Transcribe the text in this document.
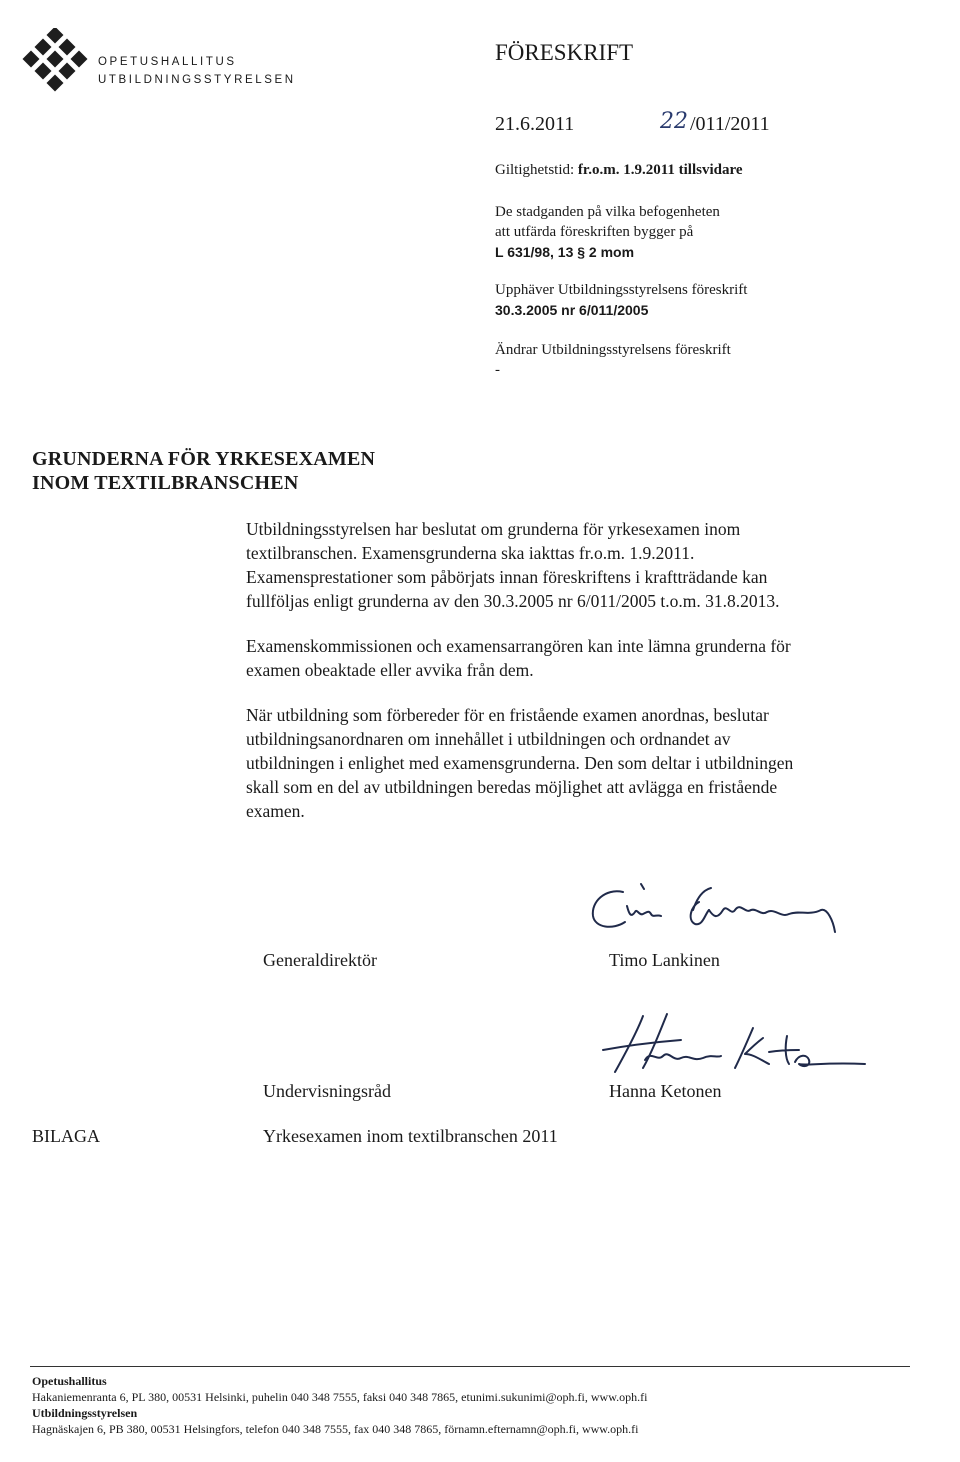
OPETUSHALLITUS
UTBILDNINGSSTYRELSEN
FÖRESKRIFT
21.6.2011	22 /011/2011
Giltighetstid: fr.o.m. 1.9.2011 tillsvidare
De stadganden på vilka befogenheten
att utfärda föreskriften bygger på
L 631/98, 13 § 2 mom
Upphäver Utbildningsstyrelsens föreskrift
30.3.2005 nr 6/011/2005
Ändrar Utbildningsstyrelsens föreskrift
-
GRUNDERNA FÖR YRKESEXAMEN
INOM TEXTILBRANSCHEN
Utbildningsstyrelsen har beslutat om grunderna för yrkesexamen inom
textilbranschen. Examensgrunderna ska iakttas fr.o.m. 1.9.2011.
Examensprestationer som påbörjats innan föreskriftens i kraftträdande kan
fullföljas enligt grunderna av den 30.3.2005 nr 6/011/2005 t.o.m. 31.8.2013.
Examenskommissionen och examensarrangören kan inte lämna grunderna för
examen obeaktade eller avvika från dem.
När utbildning som förbereder för en fristående examen anordnas, beslutar
utbildningsanordnaren om innehållet i utbildningen och ordnandet av
utbildningen i enlighet med examensgrunderna. Den som deltar i utbildningen
skall som en del av utbildningen beredas möjlighet att avlägga en fristående
examen.
Generaldirektör	Timo Lankinen
Undervisningsråd	Hanna Ketonen
BILAGA	Yrkesexamen inom textilbranschen 2011
Opetushallitus
Hakaniemenranta 6, PL 380, 00531 Helsinki, puhelin 040 348 7555, faksi 040 348 7865, etunimi.sukunimi@oph.fi, www.oph.fi
Utbildningsstyrelsen
Hagnäskajen 6, PB 380, 00531 Helsingfors, telefon 040 348 7555, fax 040 348 7865, förnamn.efternamn@oph.fi, www.oph.fi
